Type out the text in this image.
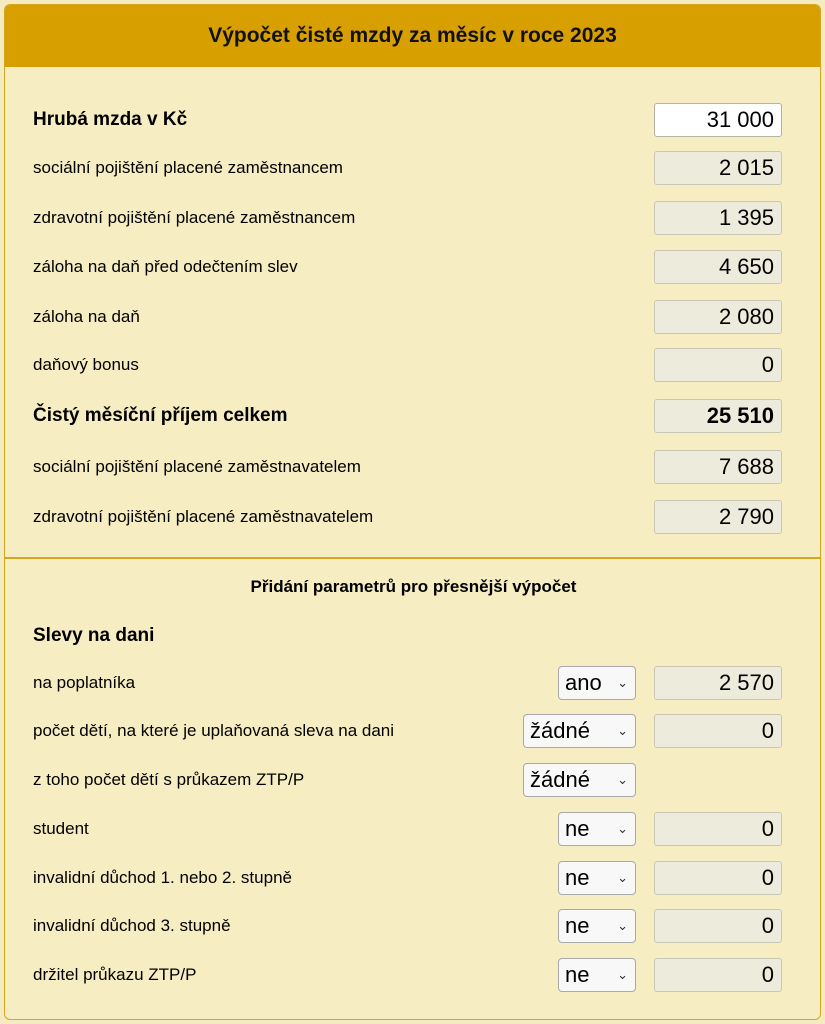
Výpočet čisté mzdy za měsíc v roce 2023
Hrubá mzda v Kč	31 000
sociální pojištění placené zaměstnancem	2 015
zdravotní pojištění placené zaměstnancem	1 395
záloha na daň před odečtením slev	4 650
záloha na daň	2 080
daňový bonus	0
Čistý měsíční příjem celkem	25 510
sociální pojištění placené zaměstnavatelem	7 688
zdravotní pojištění placené zaměstnavatelem	2 790
Přidání parametrů pro přesnější výpočet
Slevy na dani
na poplatníka	ano ⌄	2 570
počet dětí, na které je uplaňovaná sleva na dani	žádné ⌄	0
z toho počet dětí s průkazem ZTP/P	žádné ⌄
student	ne ⌄	0
invalidní důchod 1. nebo 2. stupně	ne ⌄	0
invalidní důchod 3. stupně	ne ⌄	0
držitel průkazu ZTP/P	ne ⌄	0
